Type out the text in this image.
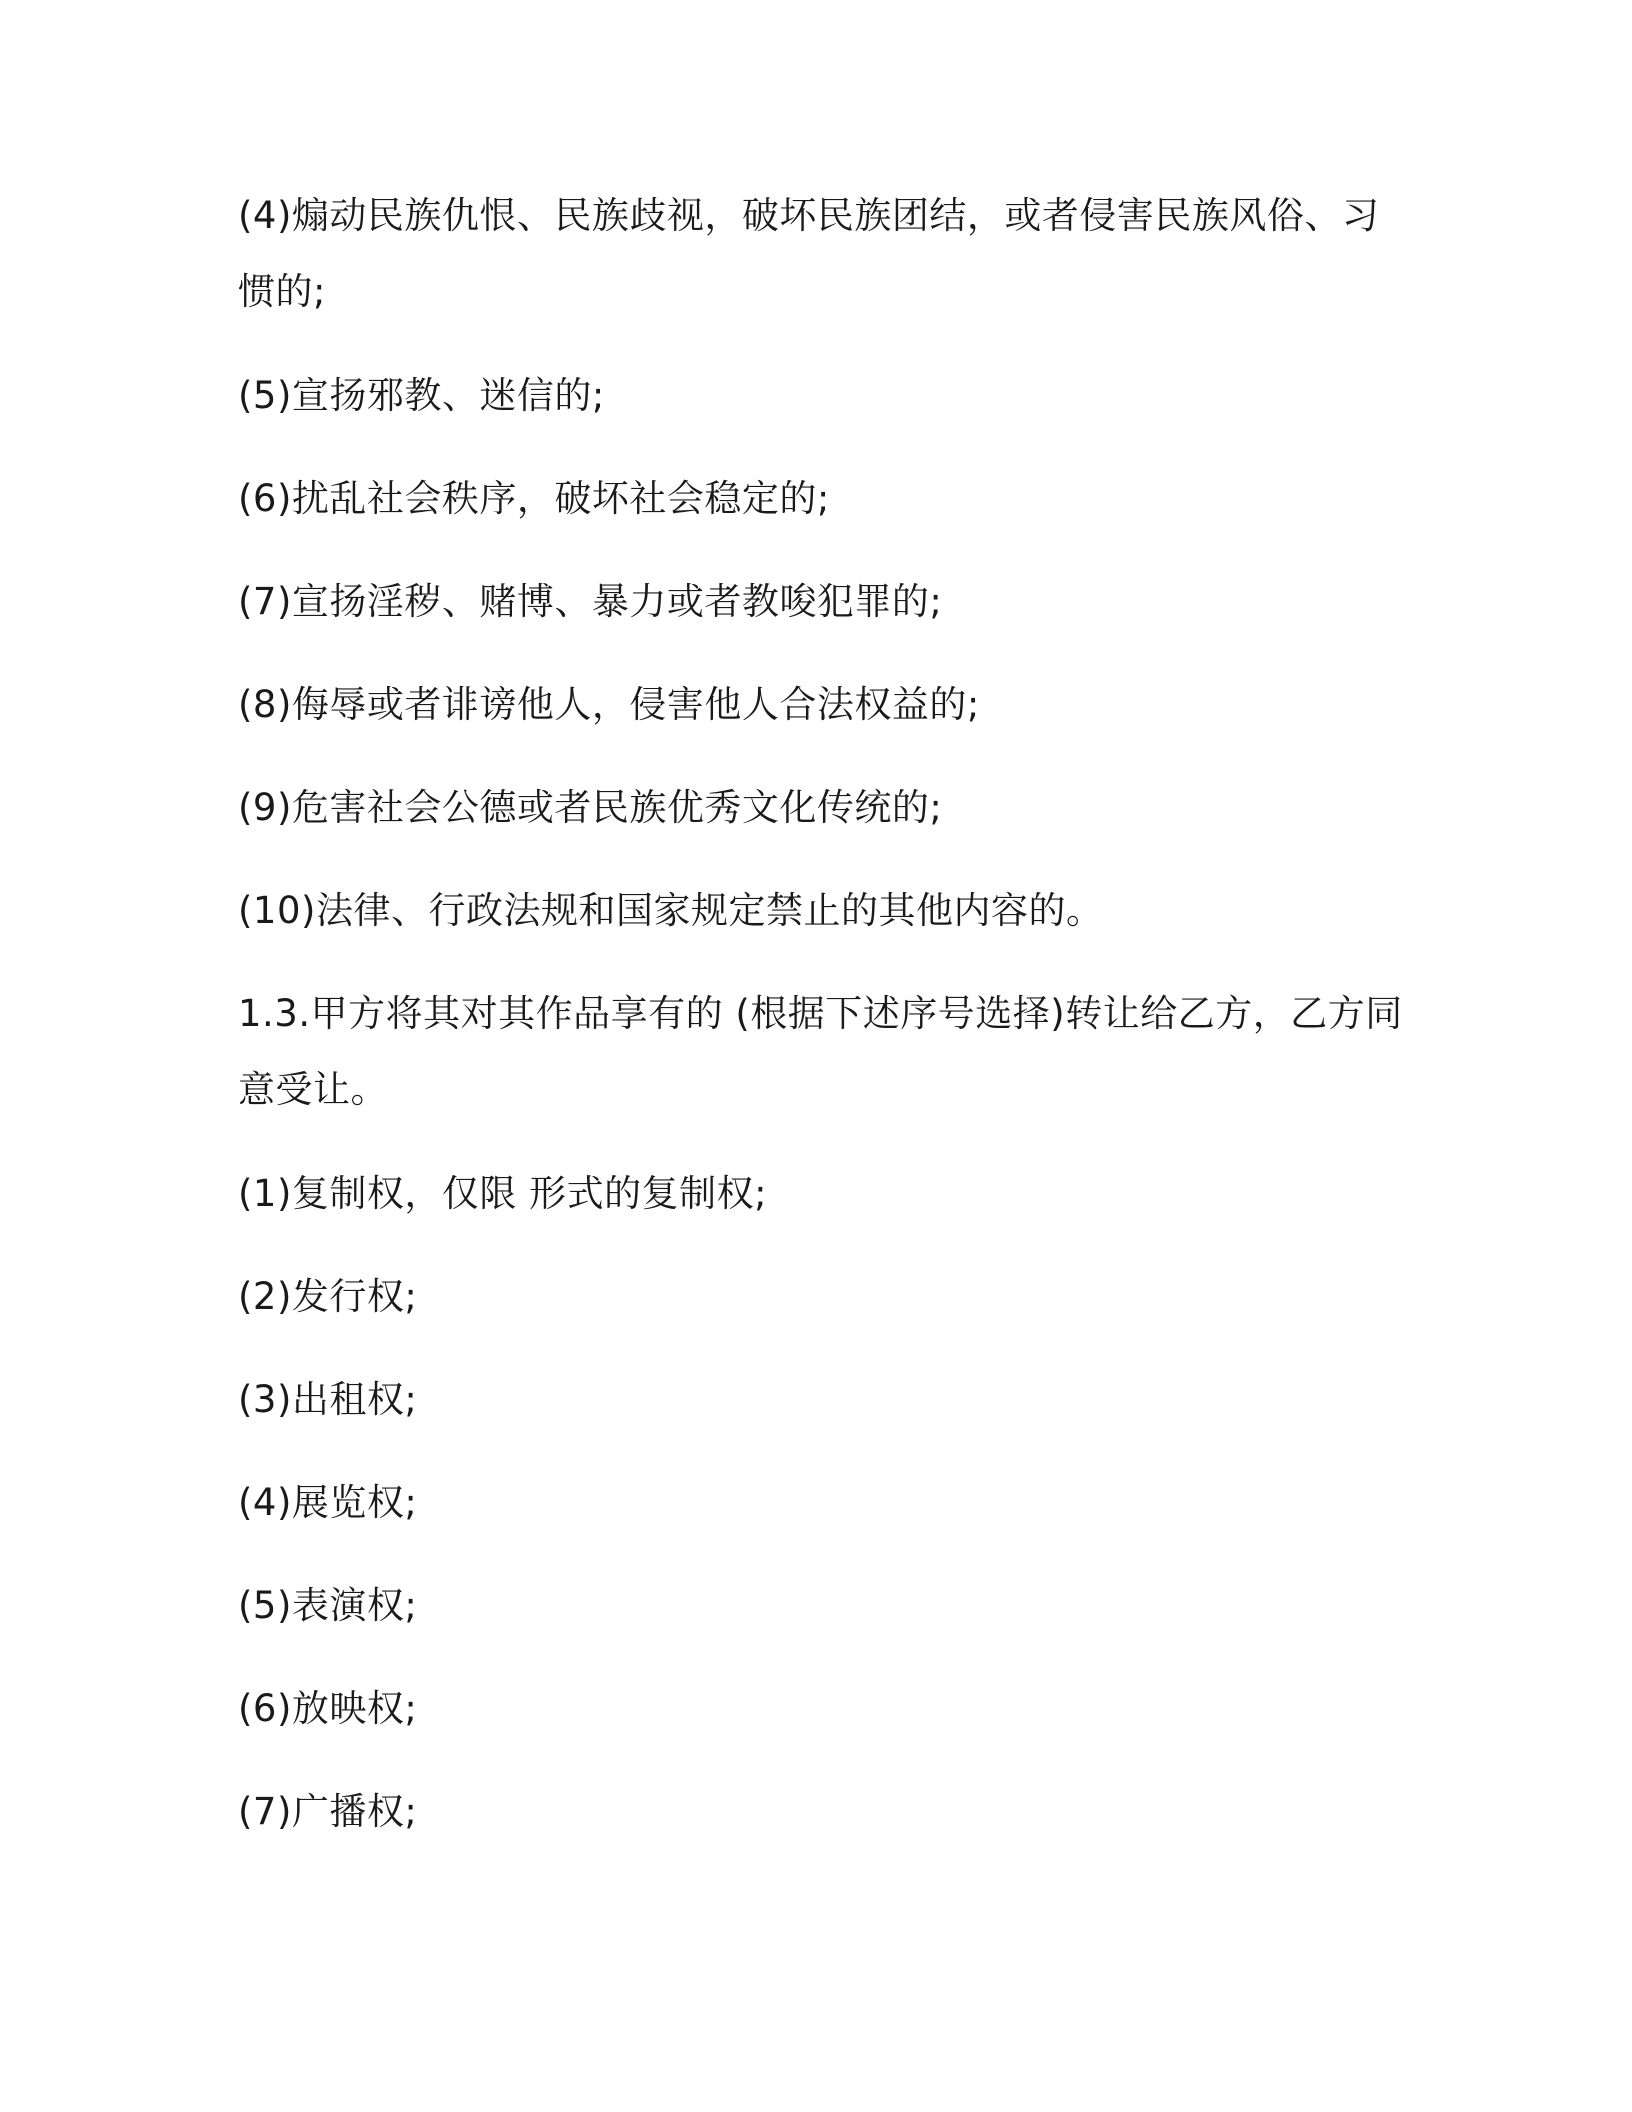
(4)煽动民族仇恨、民族歧视，破坏民族团结，或者侵害民族风俗、习

惯的;

(5)宣扬邪教、迷信的;

(6)扰乱社会秩序，破坏社会稳定的;

(7)宣扬淫秽、赌博、暴力或者教唆犯罪的;

(8)侮辱或者诽谤他人，侵害他人合法权益的;

(9)危害社会公德或者民族优秀文化传统的;

(10)法律、行政法规和国家规定禁止的其他内容的。

1.3.甲方将其对其作品享有的 (根据下述序号选择)转让给乙方，乙方同

意受让。

(1)复制权，仅限 形式的复制权;

(2)发行权;

(3)出租权;

(4)展览权;

(5)表演权;

(6)放映权;

(7)广播权;
